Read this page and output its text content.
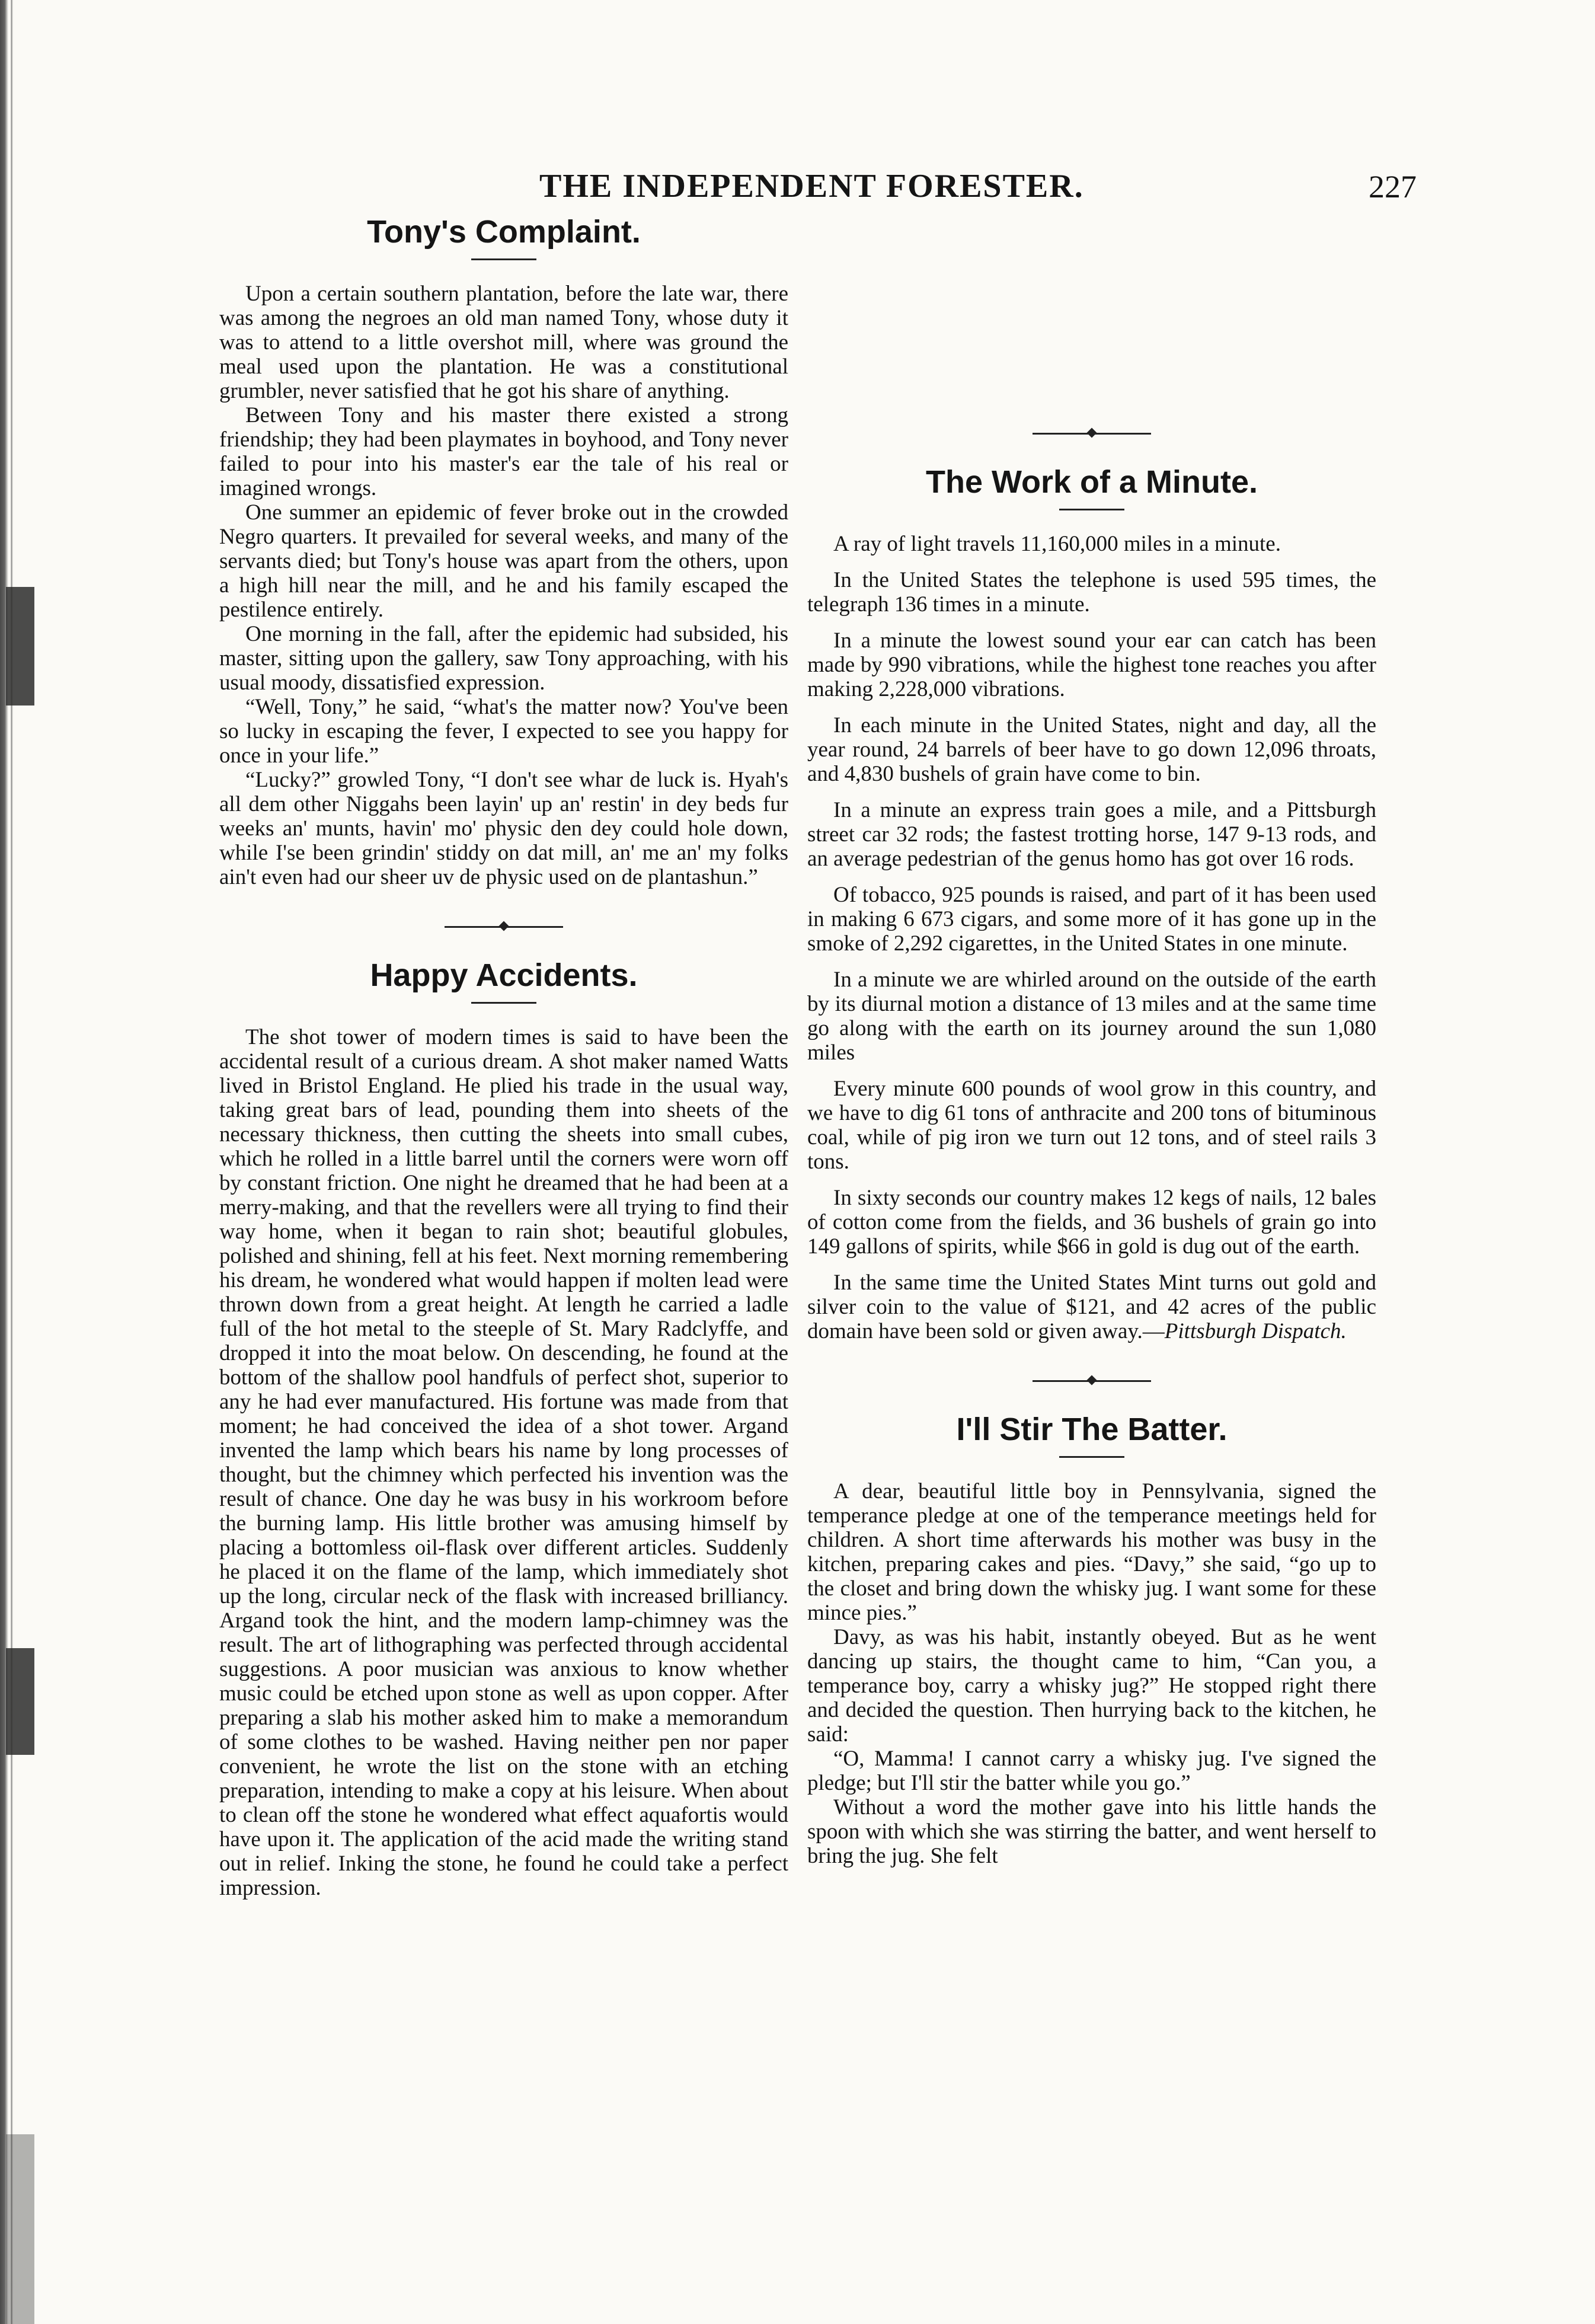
THE INDEPENDENT FORESTER.	227
Tony's Complaint.

Upon a certain southern plantation, before the late war, there was among the negroes an old man named Tony, whose duty it was to attend to a little overshot mill, where was ground the meal used upon the plantation. He was a constitutional grumbler, never satisfied that he got his share of anything.

Between Tony and his master there existed a strong friendship; they had been playmates in boyhood, and Tony never failed to pour into his master's ear the tale of his real or imagined wrongs.

One summer an epidemic of fever broke out in the crowded Negro quarters. It prevailed for several weeks, and many of the servants died; but Tony's house was apart from the others, upon a high hill near the mill, and he and his family escaped the pestilence entirely.

One morning in the fall, after the epidemic had subsided, his master, sitting upon the gallery, saw Tony approaching, with his usual moody, dissatisfied expression.

“Well, Tony,” he said, “what's the matter now? You've been so lucky in escaping the fever, I expected to see you happy for once in your life.”

“Lucky?” growled Tony, “I don't see whar de luck is. Hyah's all dem other Niggahs been layin' up an' restin' in dey beds fur weeks an' munts, havin' mo' physic den dey could hole down, while I'se been grindin' stiddy on dat mill, an' me an' my folks ain't even had our sheer uv de physic used on de plantashun.”

Happy Accidents.

The shot tower of modern times is said to have been the accidental result of a curious dream. A shot maker named Watts lived in Bristol England. He plied his trade in the usual way, taking great bars of lead, pounding them into sheets of the necessary thickness, then cutting the sheets into small cubes, which he rolled in a little barrel until the corners were worn off by constant friction. One night he dreamed that he had been at a merry-making, and that the revellers were all trying to find their way home, when it began to rain shot; beautiful globules, polished and shining, fell at his feet. Next morning remembering his dream, he wondered what would happen if molten lead were thrown down from a great height. At length he carried a ladle full of the hot metal to the steeple of St. Mary Radclyffe, and dropped it into the moat below. On descending, he found at the bottom of the shallow pool handfuls of perfect shot, superior to any he had ever manufactured. His fortune was made from that moment; he had conceived the idea of a shot tower. Argand invented the lamp which bears his name by long processes of thought, but the chimney which perfected his invention was the result of chance. One day he was busy in his workroom before the burning lamp. His little brother was amusing himself by placing a bottomless oil-flask over different articles. Suddenly he placed it on the flame of the lamp, which immediately shot up the long, circular neck of the flask with increased brilliancy. Argand took the hint, and the modern lamp-chimney was the result. The art of lithographing was perfected through accidental suggestions. A poor musician was anxious to know whether music could be etched upon stone as well as upon copper. After preparing a slab his mother asked him to make a memorandum of some clothes to be washed. Having neither pen nor paper convenient, he wrote the list on the stone with an etching preparation, intending to make a copy at his leisure. When about to clean off the stone he wondered what effect aquafortis would have upon it. The application of the acid made the writing stand out in relief. Inking the stone, he found he could take a perfect impression.

The Work of a Minute.

A ray of light travels 11,160,000 miles in a minute.

In the United States the telephone is used 595 times, the telegraph 136 times in a minute.

In a minute the lowest sound your ear can catch has been made by 990 vibrations, while the highest tone reaches you after making 2,228,000 vibrations.

In each minute in the United States, night and day, all the year round, 24 barrels of beer have to go down 12,096 throats, and 4,830 bushels of grain have come to bin.

In a minute an express train goes a mile, and a Pittsburgh street car 32 rods; the fastest trotting horse, 147 9-13 rods, and an average pedestrian of the genus homo has got over 16 rods.

Of tobacco, 925 pounds is raised, and part of it has been used in making 6 673 cigars, and some more of it has gone up in the smoke of 2,292 cigarettes, in the United States in one minute.

In a minute we are whirled around on the outside of the earth by its diurnal motion a distance of 13 miles and at the same time go along with the earth on its journey around the sun 1,080 miles

Every minute 600 pounds of wool grow in this country, and we have to dig 61 tons of anthracite and 200 tons of bituminous coal, while of pig iron we turn out 12 tons, and of steel rails 3 tons.

In sixty seconds our country makes 12 kegs of nails, 12 bales of cotton come from the fields, and 36 bushels of grain go into 149 gallons of spirits, while $66 in gold is dug out of the earth.

In the same time the United States Mint turns out gold and silver coin to the value of $121, and 42 acres of the public domain have been sold or given away.—Pittsburgh Dispatch.

I'll Stir The Batter.

A dear, beautiful little boy in Pennsylvania, signed the temperance pledge at one of the temperance meetings held for children. A short time afterwards his mother was busy in the kitchen, preparing cakes and pies. “Davy,” she said, “go up to the closet and bring down the whisky jug. I want some for these mince pies.”

Davy, as was his habit, instantly obeyed. But as he went dancing up stairs, the thought came to him, “Can you, a temperance boy, carry a whisky jug?” He stopped right there and decided the question. Then hurrying back to the kitchen, he said:

“O, Mamma! I cannot carry a whisky jug. I've signed the pledge; but I'll stir the batter while you go.”

Without a word the mother gave into his little hands the spoon with which she was stirring the batter, and went herself to bring the jug. She felt
